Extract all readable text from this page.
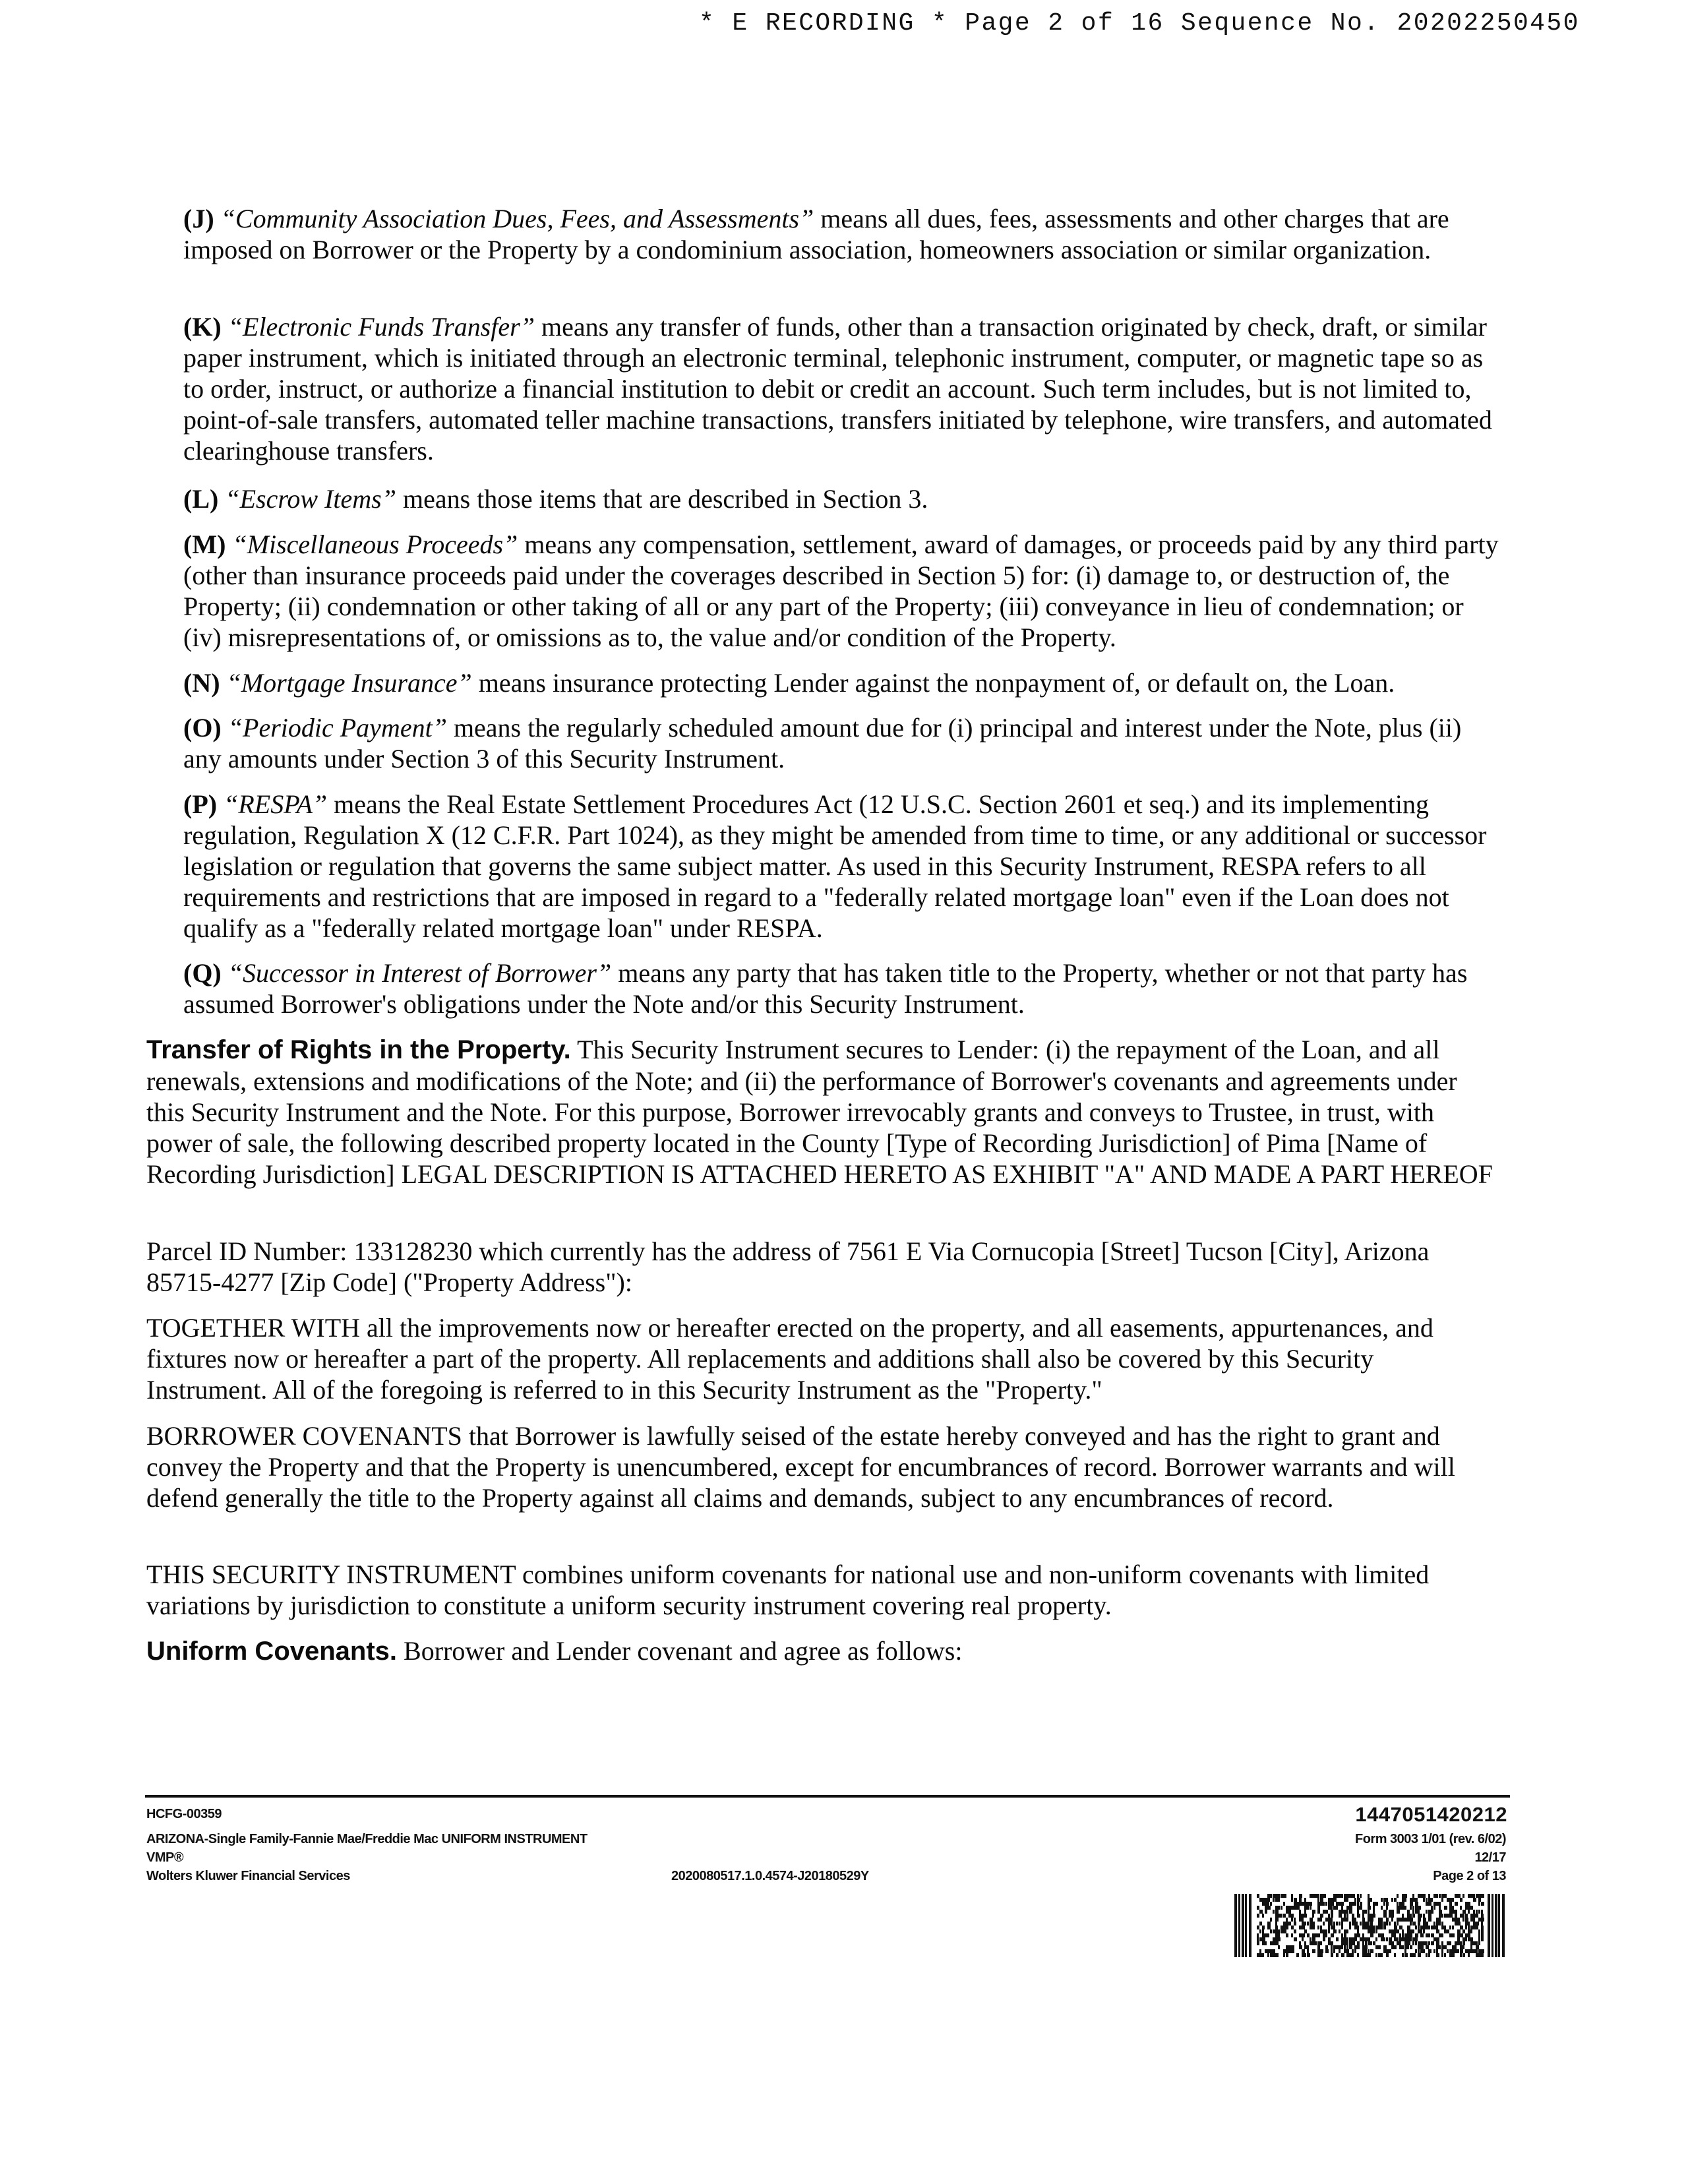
* E RECORDING * Page 2 of 16 Sequence No. 20202250450

(J) “Community Association Dues, Fees, and Assessments” means all dues, fees, assessments and other charges that are imposed on Borrower or the Property by a condominium association, homeowners association or similar organization.

(K) “Electronic Funds Transfer” means any transfer of funds, other than a transaction originated by check, draft, or similar paper instrument, which is initiated through an electronic terminal, telephonic instrument, computer, or magnetic tape so as to order, instruct, or authorize a financial institution to debit or credit an account. Such term includes, but is not limited to, point-of-sale transfers, automated teller machine transactions, transfers initiated by telephone, wire transfers, and automated clearinghouse transfers.

(L) “Escrow Items” means those items that are described in Section 3.

(M) “Miscellaneous Proceeds” means any compensation, settlement, award of damages, or proceeds paid by any third party (other than insurance proceeds paid under the coverages described in Section 5) for: (i) damage to, or destruction of, the Property; (ii) condemnation or other taking of all or any part of the Property; (iii) conveyance in lieu of condemnation; or (iv) misrepresentations of, or omissions as to, the value and/or condition of the Property.

(N) “Mortgage Insurance” means insurance protecting Lender against the nonpayment of, or default on, the Loan.

(O) “Periodic Payment” means the regularly scheduled amount due for (i) principal and interest under the Note, plus (ii) any amounts under Section 3 of this Security Instrument.

(P) “RESPA” means the Real Estate Settlement Procedures Act (12 U.S.C. Section 2601 et seq.) and its implementing regulation, Regulation X (12 C.F.R. Part 1024), as they might be amended from time to time, or any additional or successor legislation or regulation that governs the same subject matter. As used in this Security Instrument, RESPA refers to all requirements and restrictions that are imposed in regard to a "federally related mortgage loan" even if the Loan does not qualify as a "federally related mortgage loan" under RESPA.

(Q) “Successor in Interest of Borrower” means any party that has taken title to the Property, whether or not that party has assumed Borrower's obligations under the Note and/or this Security Instrument.

Transfer of Rights in the Property. This Security Instrument secures to Lender: (i) the repayment of the Loan, and all renewals, extensions and modifications of the Note; and (ii) the performance of Borrower's covenants and agreements under this Security Instrument and the Note. For this purpose, Borrower irrevocably grants and conveys to Trustee, in trust, with power of sale, the following described property located in the County [Type of Recording Jurisdiction] of Pima [Name of Recording Jurisdiction] LEGAL DESCRIPTION IS ATTACHED HERETO AS EXHIBIT "A" AND MADE A PART HEREOF

Parcel ID Number: 133128230 which currently has the address of 7561 E Via Cornucopia [Street] Tucson [City], Arizona 85715-4277 [Zip Code] ("Property Address"):

TOGETHER WITH all the improvements now or hereafter erected on the property, and all easements, appurtenances, and fixtures now or hereafter a part of the property. All replacements and additions shall also be covered by this Security Instrument. All of the foregoing is referred to in this Security Instrument as the "Property."

BORROWER COVENANTS that Borrower is lawfully seised of the estate hereby conveyed and has the right to grant and convey the Property and that the Property is unencumbered, except for encumbrances of record. Borrower warrants and will defend generally the title to the Property against all claims and demands, subject to any encumbrances of record.

THIS SECURITY INSTRUMENT combines uniform covenants for national use and non-uniform covenants with limited variations by jurisdiction to constitute a uniform security instrument covering real property.

Uniform Covenants. Borrower and Lender covenant and agree as follows:

HCFG-00359
ARIZONA-Single Family-Fannie Mae/Freddie Mac UNIFORM INSTRUMENT
VMP®
Wolters Kluwer Financial Services	2020080517.1.0.4574-J20180529Y
1447051420212
Form 3003 1/01 (rev. 6/02)
12/17
Page 2 of 13
